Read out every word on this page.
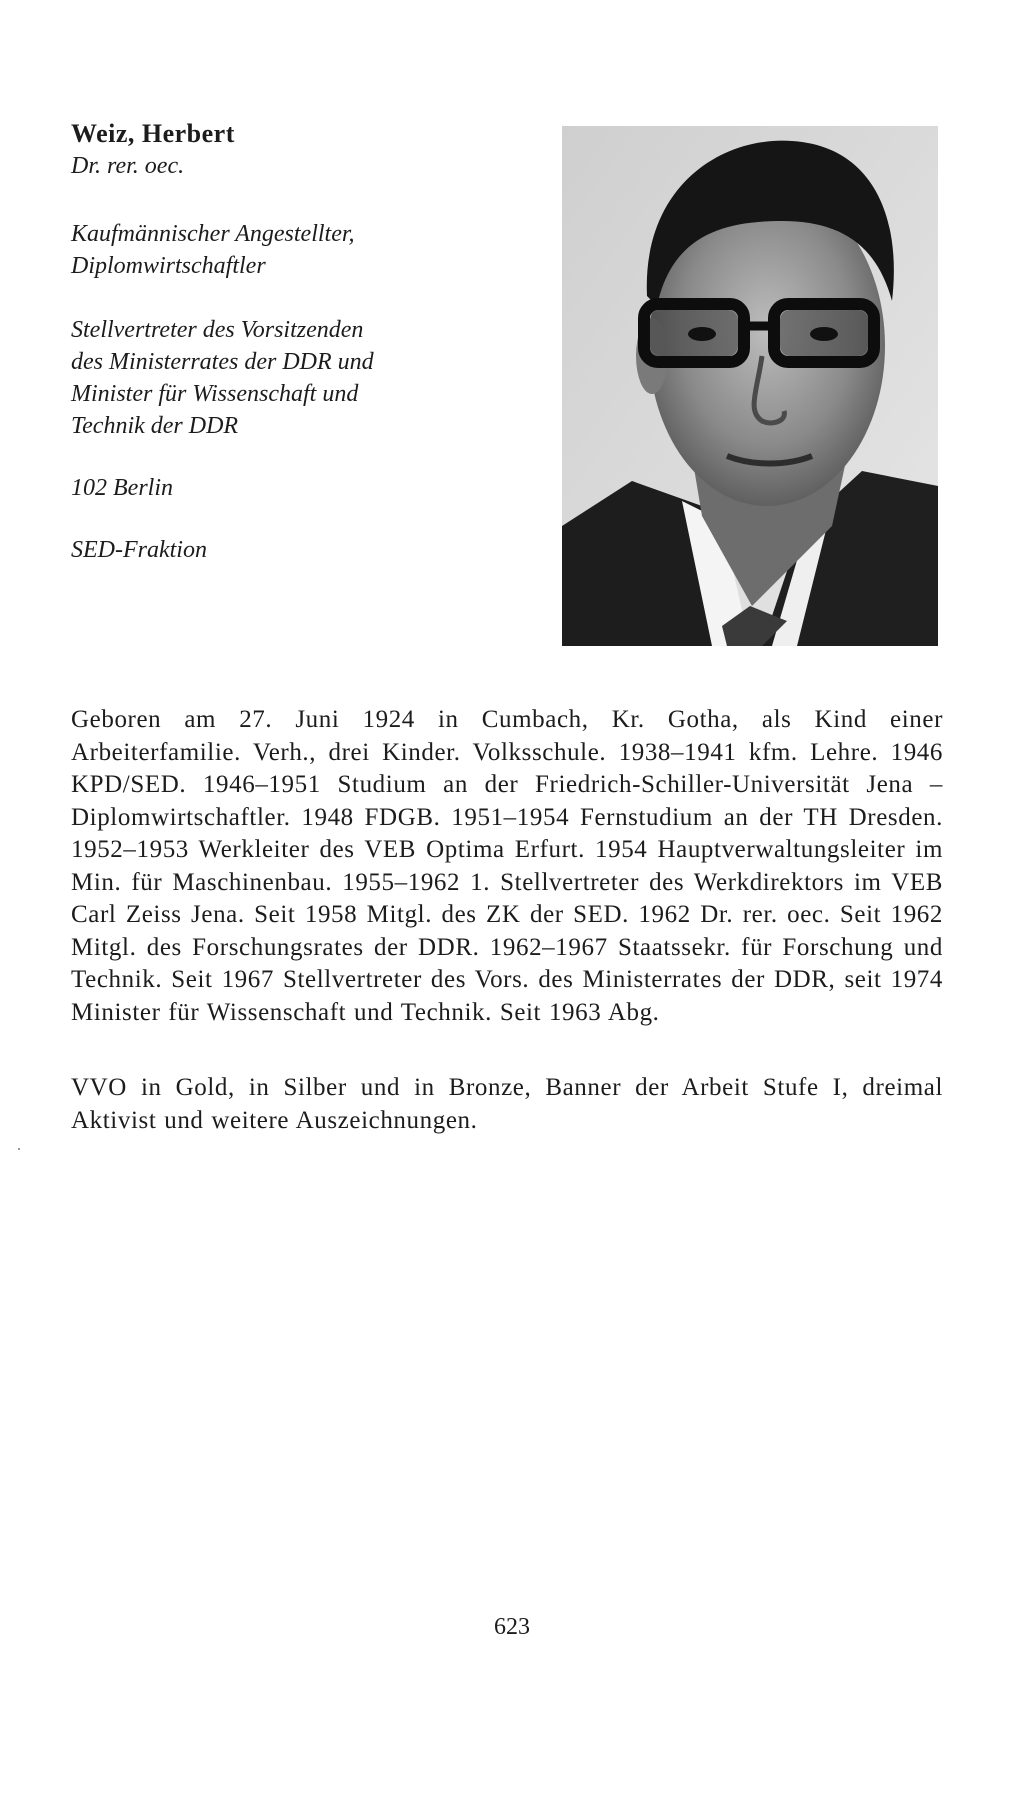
Weiz, Herbert

Dr. rer. oec.

Kaufmännischer Angestellter,

Diplomwirtschaftler

Stellvertreter des Vorsitzenden

des Ministerrates der DDR und

Minister für Wissenschaft und

Technik der DDR

102 Berlin

SED-Fraktion

Geboren am 27. Juni 1924 in Cumbach, Kr. Gotha, als Kind einer Arbeiterfamilie. Verh., drei Kinder. Volksschule. 1938–1941 kfm. Lehre. 1946 KPD/SED. 1946–1951 Studium an der Friedrich-Schiller-Universität Jena – Diplomwirtschaftler. 1948 FDGB. 1951–1954 Fernstudium an der TH Dresden. 1952–1953 Werkleiter des VEB Optima Erfurt. 1954 Hauptverwaltungsleiter im Min. für Maschinenbau. 1955–1962 1. Stellvertreter des Werkdirektors im VEB Carl Zeiss Jena. Seit 1958 Mitgl. des ZK der SED. 1962 Dr. rer. oec. Seit 1962 Mitgl. des Forschungsrates der DDR. 1962–1967 Staatssekr. für Forschung und Technik. Seit 1967 Stellvertreter des Vors. des Ministerrates der DDR, seit 1974 Minister für Wissenschaft und Technik. Seit 1963 Abg.

VVO in Gold, in Silber und in Bronze, Banner der Arbeit Stufe I, dreimal Aktivist und weitere Auszeichnungen.

623
